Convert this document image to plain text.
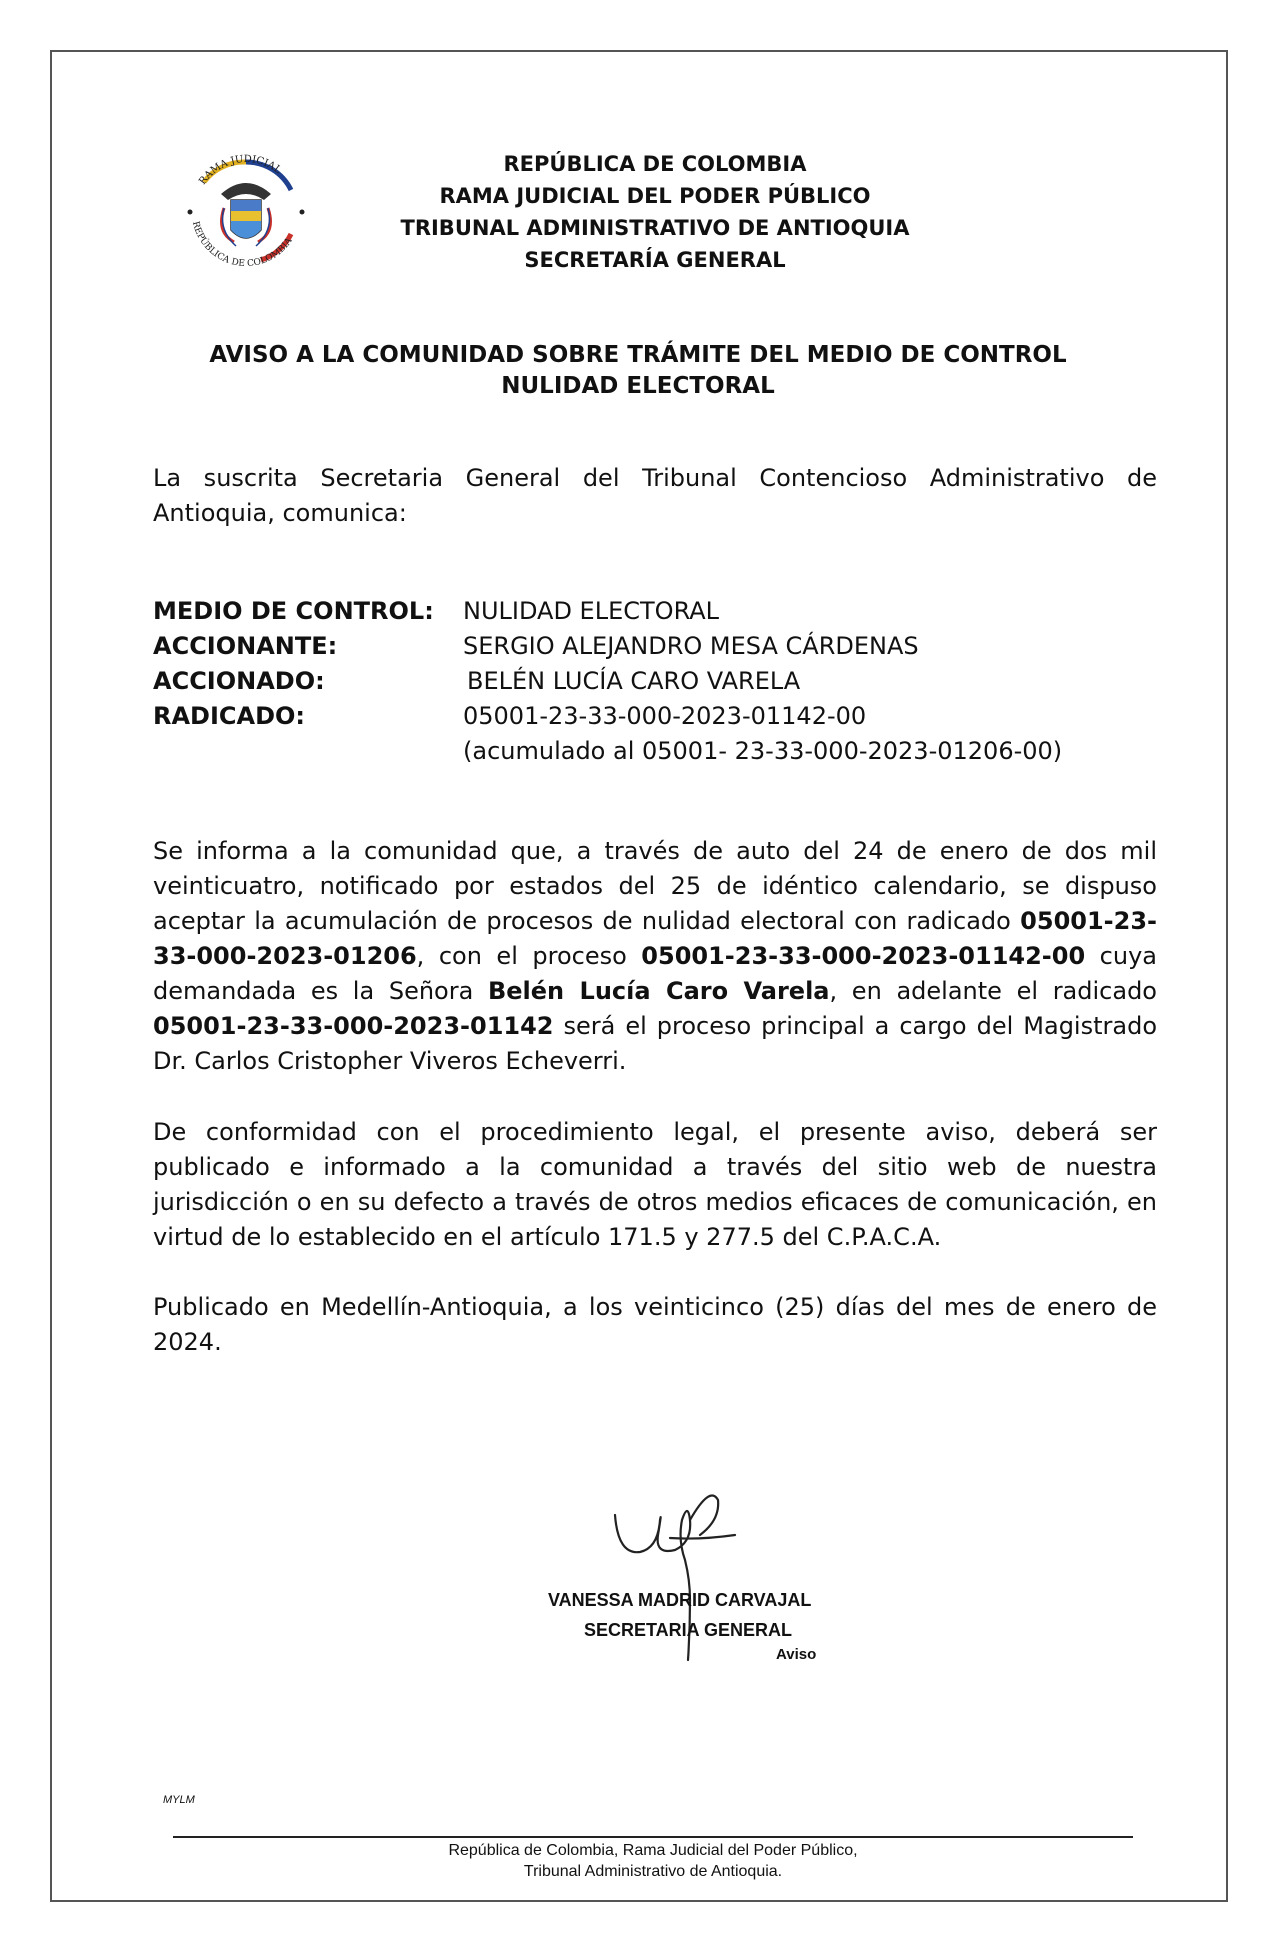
RAMA JUDICIAL
REPÚBLICA DE COLOMBIA
REPÚBLICA DE COLOMBIA
RAMA JUDICIAL DEL PODER PÚBLICO
TRIBUNAL ADMINISTRATIVO DE ANTIOQUIA
SECRETARÍA GENERAL
AVISO A LA COMUNIDAD SOBRE TRÁMITE DEL MEDIO DE CONTROL
NULIDAD ELECTORAL
La suscrita Secretaria General del Tribunal Contencioso Administrativo de Antioquia, comunica:
MEDIO DE CONTROL:	NULIDAD ELECTORAL
ACCIONANTE:	SERGIO ALEJANDRO MESA CÁRDENAS
ACCIONADO:	BELÉN LUCÍA CARO VARELA
RADICADO:	05001-23-33-000-2023-01142-00
(acumulado al 05001- 23-33-000-2023-01206-00)
Se informa a la comunidad que, a través de auto del 24 de enero de dos mil veinticuatro, notificado por estados del 25 de idéntico calendario, se dispuso aceptar la acumulación de procesos de nulidad electoral con radicado 05001-23-33-000-2023-01206, con el proceso 05001-23-33-000-2023-01142-00 cuya demandada es la Señora Belén Lucía Caro Varela, en adelante el radicado 05001-23-33-000-2023-01142 será el proceso principal a cargo del Magistrado Dr. Carlos Cristopher Viveros Echeverri.
De conformidad con el procedimiento legal, el presente aviso, deberá ser publicado e informado a la comunidad a través del sitio web de nuestra jurisdicción o en su defecto a través de otros medios eficaces de comunicación, en virtud de lo establecido en el artículo 171.5 y 277.5 del C.P.A.C.A.
Publicado en Medellín-Antioquia, a los veinticinco (25) días del mes de enero de 2024.
VANESSA MADRID CARVAJAL
SECRETARIA GENERAL
Aviso
MYLM
República de Colombia, Rama Judicial del Poder Público,
Tribunal Administrativo de Antioquia.
